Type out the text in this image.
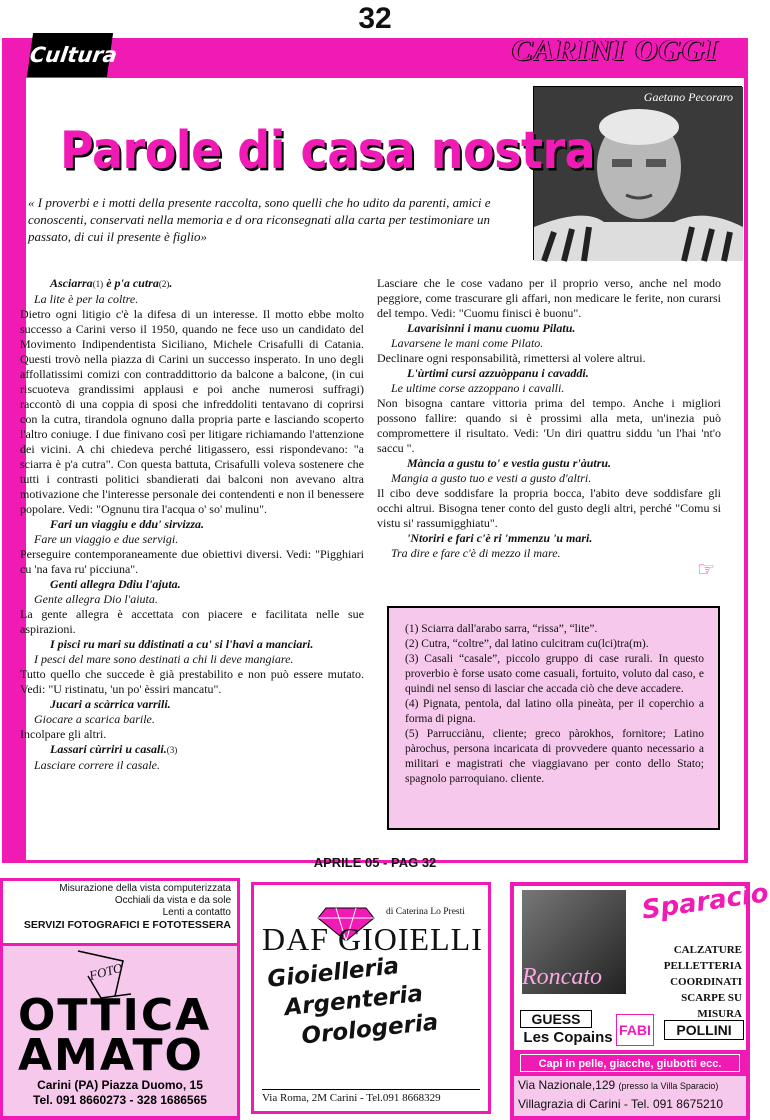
32
Cultura	CARINI OGGI
Gaetano Pecoraro
Parole di casa nostra
« I proverbi e i motti della presente raccolta, sono quelli che ho udito da parenti, amici e conoscenti, conservati nella memoria e d ora riconsegnati alla carta per testimoniare un passato, di cui il presente è figlio»
Asciarra(1) è p'a cutra(2).
La lite è per la coltre.
Dietro ogni litigio c'è la difesa di un interesse. Il motto ebbe molto successo a Carini verso il 1950, quando ne fece uso un candidato del Movimento Indipendentista Siciliano, Michele Crisafulli di Catania. Questi trovò nella piazza di Carini un successo insperato. In uno degli affollatissimi comizi con contraddittorio da balcone a balcone, (in cui riscuoteva grandissimi applausi e poi anche numerosi suffragi) raccontò di una coppia di sposi che infreddoliti tentavano di coprirsi con la cutra, tirandola ognuno dalla propria parte e lasciando scoperto l'altro coniuge. I due finivano così per litigare richiamando l'attenzione dei vicini. A chi chiedeva perché litigassero, essi rispondevano: "a sciarra è p'a cutra". Con questa battuta, Crisafulli voleva sostenere che tutti i contrasti politici sbandierati dai balconi non avevano altra motivazione che l'interesse personale dei contendenti e non il benessere popolare. Vedi: "Ognunu tira l'acqua o' so' mulinu".
Fari un viaggiu e ddu' sirvizza.
Fare un viaggio e due servigi.
Perseguire contemporaneamente due obiettivi diversi. Vedi: "Pigghiari cu 'na fava ru' picciuna".
Genti allegra Ddiu l'ajuta.
Gente allegra Dio l'aiuta.
La gente allegra è accettata con piacere e facilitata nelle sue aspirazioni.
I pisci ru mari su ddistinati a cu' si l'havi a manciari.
I pesci del mare sono destinati a chi li deve mangiare.
Tutto quello che succede è già prestabilito e non può essere mutato. Vedi: "U ristinatu, 'un po' èssiri mancatu".
Jucari a scàrrica varrili.
Giocare a scarica barile.
Incolpare gli altri.
Lassari cùrriri u casali.(3)
Lasciare correre il casale.
Lasciare che le cose vadano per il proprio verso, anche nel modo peggiore, come trascurare gli affari, non medicare le ferite, non curarsi del tempo. Vedi: "Cuomu finisci è buonu".
Lavarisinni i manu cuomu Pilatu.
Lavarsene le mani come Pilato.
Declinare ogni responsabilità, rimettersi al volere altrui.
L'ùrtimi cursi azzuòppanu i cavaddi.
Le ultime corse azzoppano i cavalli.
Non bisogna cantare vittoria prima del tempo. Anche i migliori possono fallire: quando si è prossimi alla meta, un'inezia può compromettere il risultato. Vedi: 'Un diri quattru siddu 'un l'hai 'nt'o saccu ".
Mància a gustu to' e vestia gustu r'àutru.
Mangia a gusto tuo e vesti a gusto d'altri.
Il cibo deve soddisfare la propria bocca, l'abito deve soddisfare gli occhi altrui. Bisogna tener conto del gusto degli altri, perché "Comu si vistu si' rassumigghiatu".
'Ntoriri e fari c'è ri 'mmenzu 'u mari.
Tra dire e fare c'è di mezzo il mare.
☞

(1) Sciarra dall'arabo sarra, “rissa”, “lite”.

(2) Cutra, “coltre”, dal latino culcitram cu(lci)tra(m).

(3) Casali “casale”, piccolo gruppo di case rurali. In questo proverbio è forse usato come casuali, fortuito, voluto dal caso, e quindi nel senso di lasciar che accada ciò che deve accadere.

(4) Pignata, pentola, dal latino olla pineàta, per il coperchio a forma di pigna.

(5) Parrucciànu, cliente; greco pàrokhos, fornitore; Latino pàrochus, persona incaricata di provvedere quanto necessario a militari e magistrati che viaggiavano per conto dello Stato; spagnolo parroquiano. cliente.

APRILE 05 - PAG 32
Misurazione della vista computerizzata
Occhiali da vista e da sole
Lenti a contatto
SERVIZI FOTOGRAFICI E FOTOTESSERA
FOTO
OTTICA
AMATO
Carini (PA) Piazza Duomo, 15
Tel. 091 8660273 - 328 1686565
di Caterina Lo Presti
DAF GIOIELLI
Gioielleria
Argenteria
Orologeria
Via Roma, 2M Carini - Tel.091 8668329
Roncato
Sparacio
CALZATURE
PELLETTERIA
COORDINATI
SCARPE SU MISURA
GUESS
Les Copains FABI	POLLINI
Capi in pelle, giacche, giubotti ecc.
Via Nazionale,129 (presso la Villa Sparacio)
Villagrazia di Carini - Tel. 091 8675210
